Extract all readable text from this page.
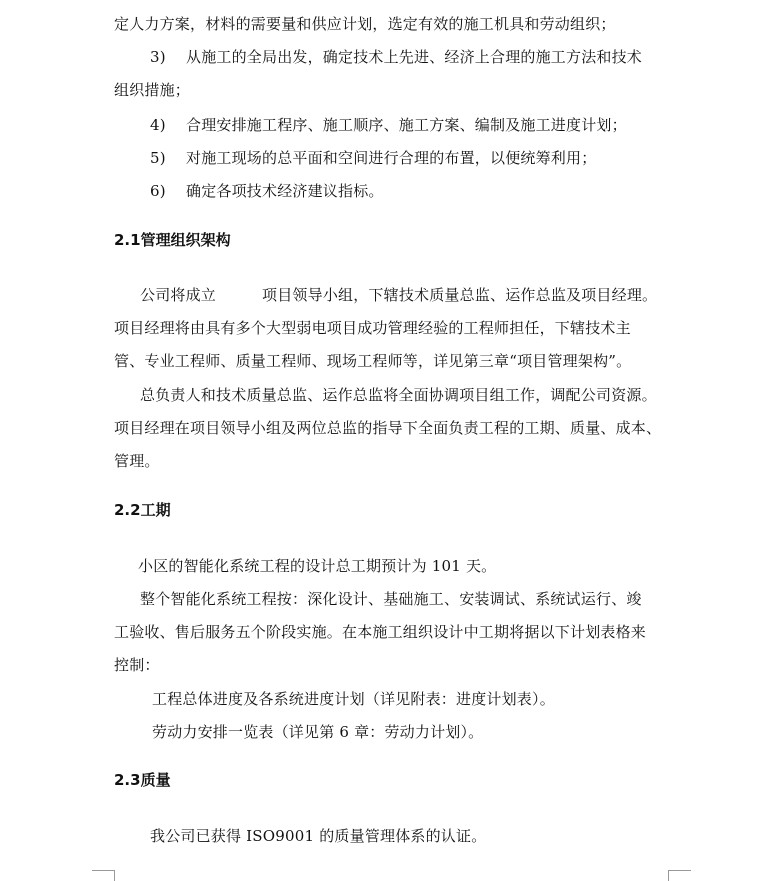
定人力方案，材料的需要量和供应计划，选定有效的施工机具和劳动组织；
3) 从施工的全局出发，确定技术上先进、经济上合理的施工方法和技术
组织措施；
4) 合理安排施工程序、施工顺序、施工方案、编制及施工进度计划；
5) 对施工现场的总平面和空间进行合理的布置，以便统筹利用；
6) 确定各项技术经济建议指标。
2.1管理组织架构
公司将成立	项目领导小组，下辖技术质量总监、运作总监及项目经理。
项目经理将由具有多个大型弱电项目成功管理经验的工程师担任，下辖技术主
管、专业工程师、质量工程师、现场工程师等，详见第三章“项目管理架构”。
总负责人和技术质量总监、运作总监将全面协调项目组工作，调配公司资源。
项目经理在项目领导小组及两位总监的指导下全面负责工程的工期、质量、成本、
管理。
2.2工期
小区的智能化系统工程的设计总工期预计为 101 天。
整个智能化系统工程按：深化设计、基础施工、安装调试、系统试运行、竣
工验收、售后服务五个阶段实施。在本施工组织设计中工期将据以下计划表格来
控制：
工程总体进度及各系统进度计划（详见附表：进度计划表）。
劳动力安排一览表（详见第 6 章：劳动力计划）。
2.3质量
我公司已获得 ISO9001 的质量管理体系的认证。
